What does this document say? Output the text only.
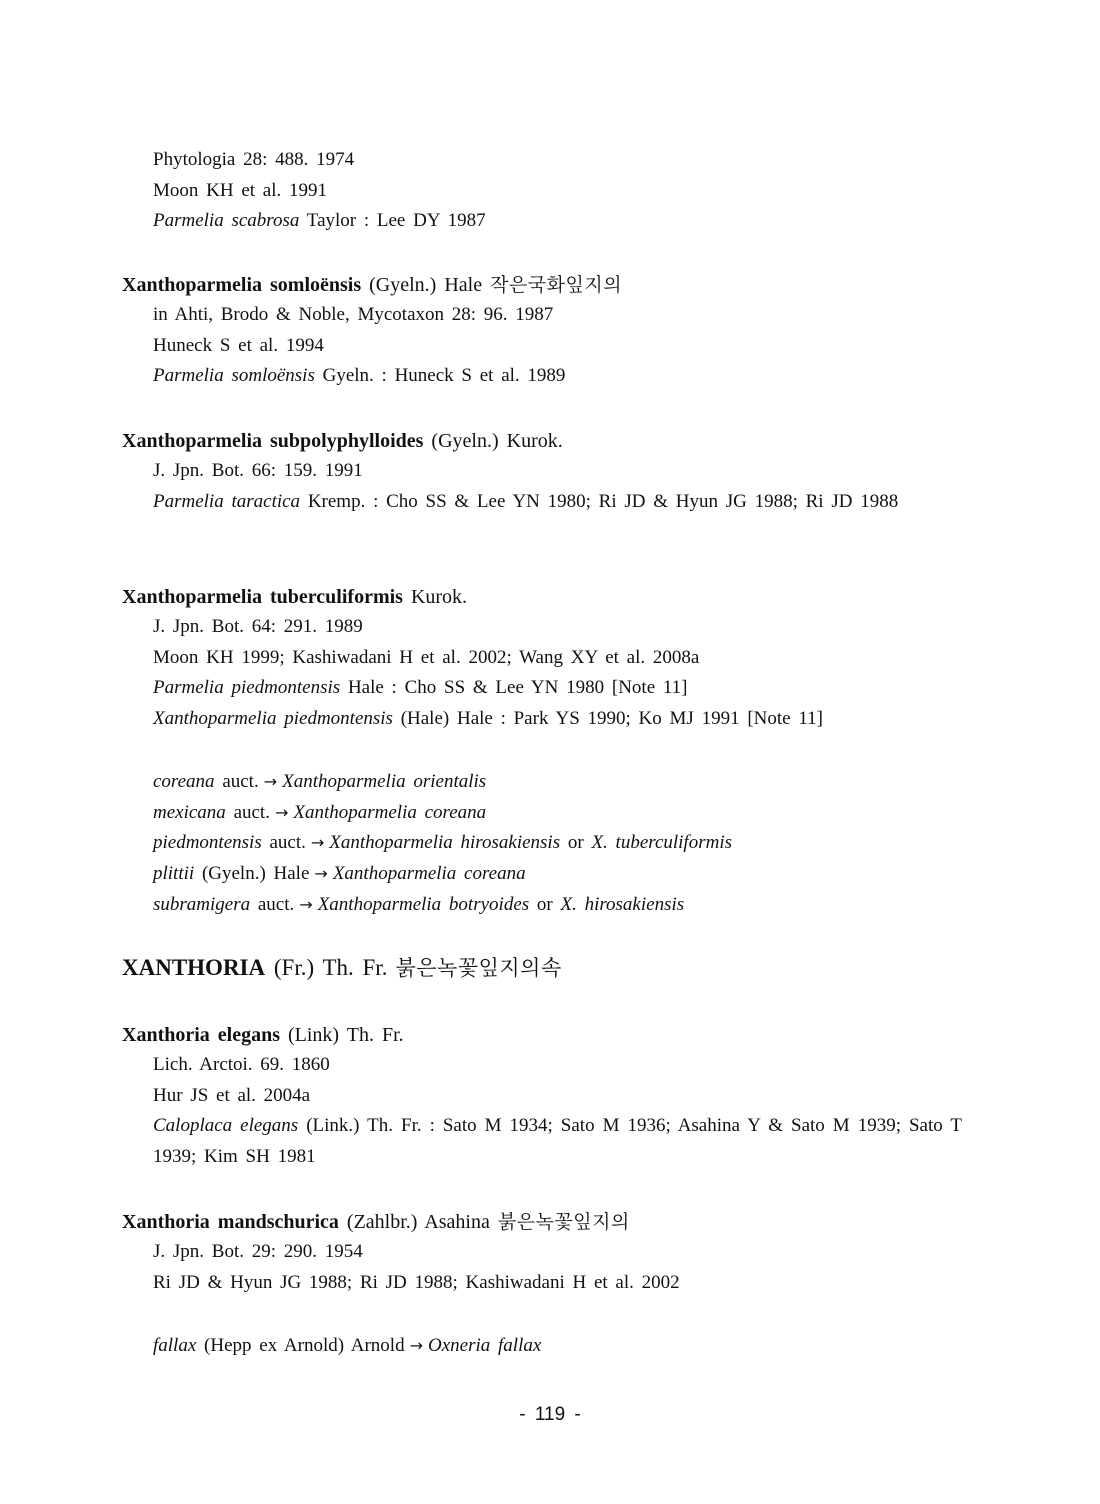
Phytologia 28: 488. 1974
Moon KH et al. 1991
Parmelia scabrosa Taylor : Lee DY 1987
Xanthoparmelia somloënsis (Gyeln.) Hale 작은국화잎지의
in Ahti, Brodo & Noble, Mycotaxon 28: 96. 1987
Huneck S et al. 1994
Parmelia somloënsis Gyeln. : Huneck S et al. 1989
Xanthoparmelia subpolyphylloides (Gyeln.) Kurok.
J. Jpn. Bot. 66: 159. 1991
Parmelia taractica Kremp. : Cho SS & Lee YN 1980; Ri JD & Hyun JG 1988; Ri JD 1988
Xanthoparmelia tuberculiformis Kurok.
J. Jpn. Bot. 64: 291. 1989
Moon KH 1999; Kashiwadani H et al. 2002; Wang XY et al. 2008a
Parmelia piedmontensis Hale : Cho SS & Lee YN 1980 [Note 11]
Xanthoparmelia piedmontensis (Hale) Hale : Park YS 1990; Ko MJ 1991 [Note 11]
coreana auct. → Xanthoparmelia orientalis
mexicana auct. → Xanthoparmelia coreana
piedmontensis auct. → Xanthoparmelia hirosakiensis or X. tuberculiformis
plittii (Gyeln.) Hale → Xanthoparmelia coreana
subramigera auct. → Xanthoparmelia botryoides or X. hirosakiensis
XANTHORIA (Fr.) Th. Fr. 붉은녹꽃잎지의속
Xanthoria elegans (Link) Th. Fr.
Lich. Arctoi. 69. 1860
Hur JS et al. 2004a
Caloplaca elegans (Link.) Th. Fr. : Sato M 1934; Sato M 1936; Asahina Y & Sato M 1939; Sato T 1939; Kim SH 1981
Xanthoria mandschurica (Zahlbr.) Asahina 붉은녹꽃잎지의
J. Jpn. Bot. 29: 290. 1954
Ri JD & Hyun JG 1988; Ri JD 1988; Kashiwadani H et al. 2002
fallax (Hepp ex Arnold) Arnold → Oxneria fallax
- 119 -
